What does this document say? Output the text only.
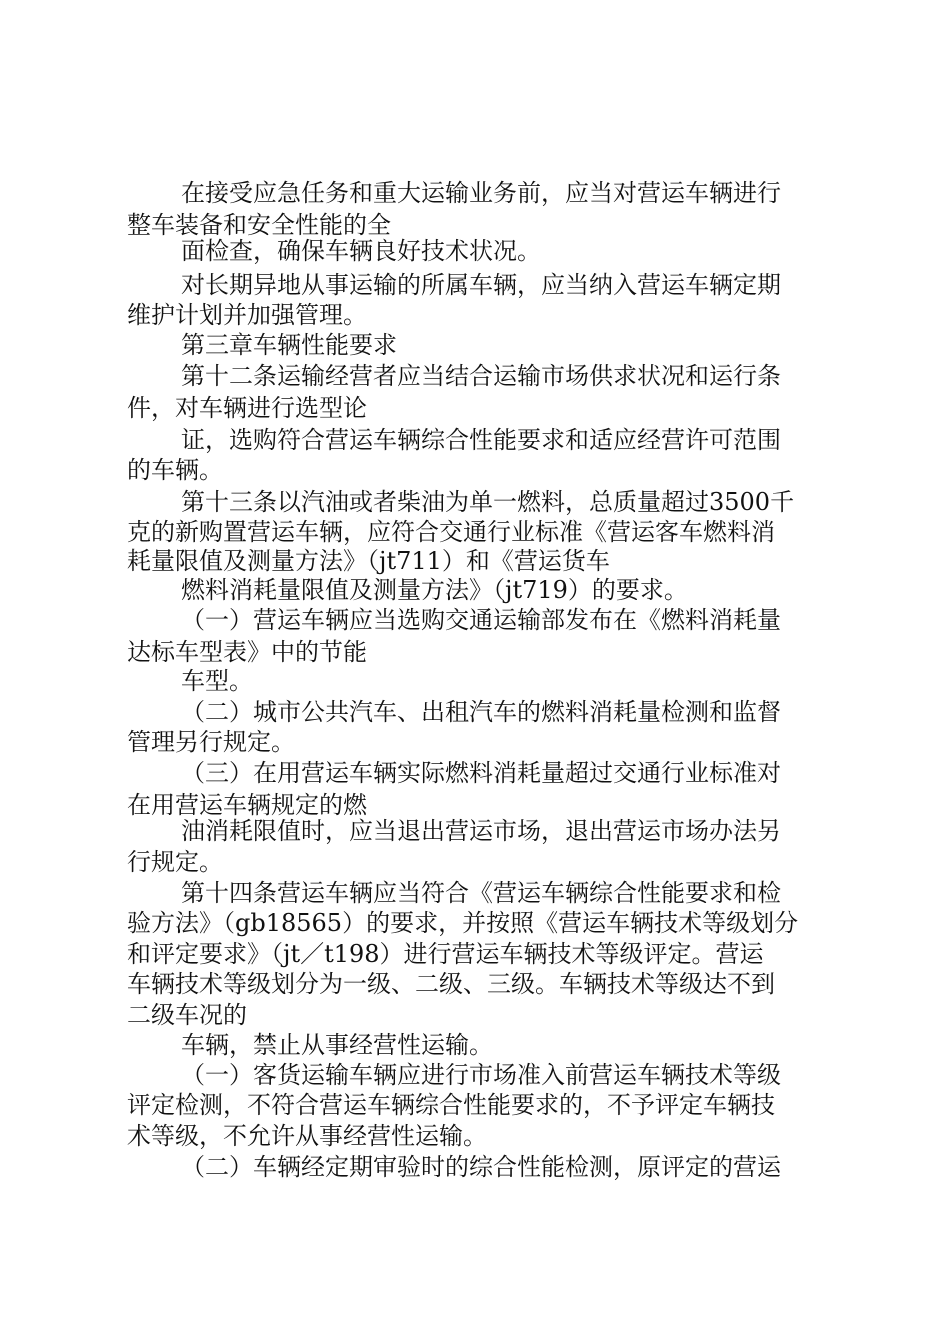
在接受应急任务和重大运输业务前，应当对营运车辆进行
整车装备和安全性能的全
面检查，确保车辆良好技术状况。
对长期异地从事运输的所属车辆，应当纳入营运车辆定期
维护计划并加强管理。
第三章车辆性能要求
第十二条运输经营者应当结合运输市场供求状况和运行条
件，对车辆进行选型论
证，选购符合营运车辆综合性能要求和适应经营许可范围
的车辆。
第十三条以汽油或者柴油为单一燃料，总质量超过3500千
克的新购置营运车辆，应符合交通行业标准《营运客车燃料消
耗量限值及测量方法》（jt711）和《营运货车
燃料消耗量限值及测量方法》（jt719）的要求。
（一）营运车辆应当选购交通运输部发布在《燃料消耗量
达标车型表》中的节能
车型。
（二）城市公共汽车、出租汽车的燃料消耗量检测和监督
管理另行规定。
（三）在用营运车辆实际燃料消耗量超过交通行业标准对
在用营运车辆规定的燃
油消耗限值时，应当退出营运市场，退出营运市场办法另
行规定。
第十四条营运车辆应当符合《营运车辆综合性能要求和检
验方法》（gb18565）的要求，并按照《营运车辆技术等级划分
和评定要求》（jt／t198）进行营运车辆技术等级评定。营运
车辆技术等级划分为一级、二级、三级。车辆技术等级达不到
二级车况的
车辆，禁止从事经营性运输。
（一）客货运输车辆应进行市场准入前营运车辆技术等级
评定检测，不符合营运车辆综合性能要求的，不予评定车辆技
术等级，不允许从事经营性运输。
（二）车辆经定期审验时的综合性能检测，原评定的营运
